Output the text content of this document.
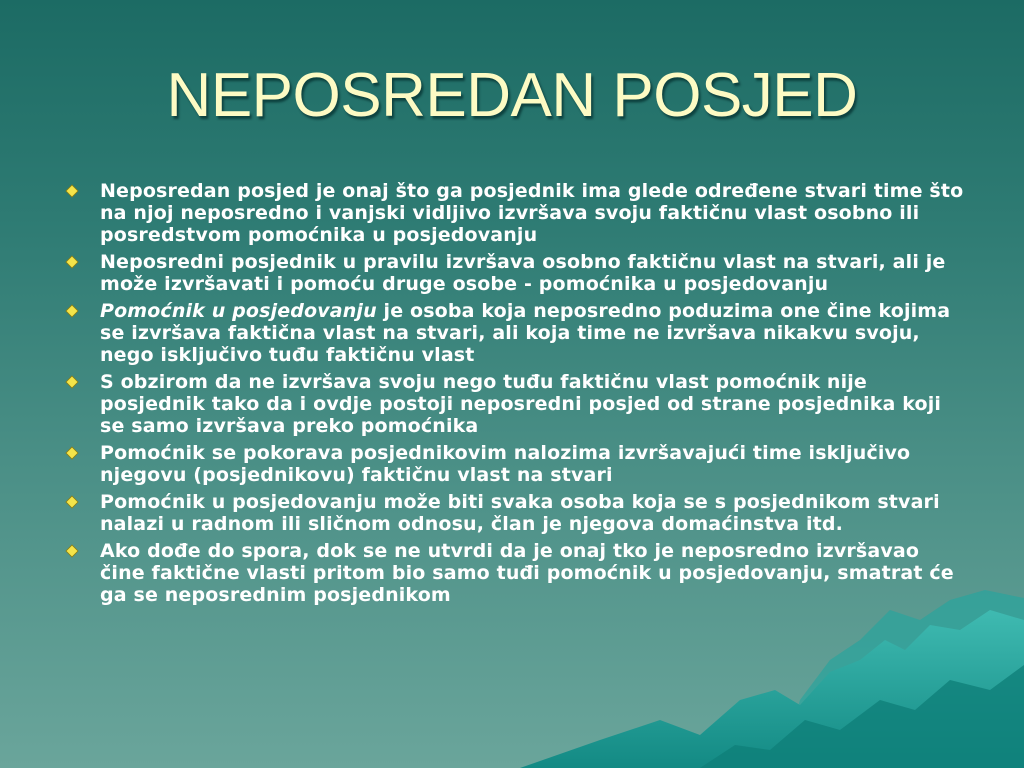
NEPOSREDAN POSJED
Neposredan posjed je onaj što ga posjednik ima glede određene stvari time što na njoj neposredno i vanjski vidljivo izvršava svoju faktičnu vlast osobno ili posredstvom pomoćnika u posjedovanju
Neposredni posjednik u pravilu izvršava osobno faktičnu vlast na stvari, ali je može izvršavati i pomoću druge osobe - pomoćnika u posjedovanju
Pomoćnik u posjedovanju je osoba koja neposredno poduzima one čine kojima se izvršava faktična vlast na stvari, ali koja time ne izvršava nikakvu svoju, nego isključivo tuđu faktičnu vlast
S obzirom da ne izvršava svoju nego tuđu faktičnu vlast pomoćnik nije posjednik tako da i ovdje postoji neposredni posjed od strane posjednika koji se samo izvršava preko pomoćnika
Pomoćnik se pokorava posjednikovim nalozima izvršavajući time isključivo njegovu (posjednikovu) faktičnu vlast na stvari
Pomoćnik u posjedovanju može biti svaka osoba koja se s posjednikom stvari nalazi u radnom ili sličnom odnosu, član je njegova domaćinstva itd.
Ako dođe do spora, dok se ne utvrdi da je onaj tko je neposredno izvršavao čine faktične vlasti pritom bio samo tuđi pomoćnik u posjedovanju, smatrat će ga se neposrednim posjednikom
